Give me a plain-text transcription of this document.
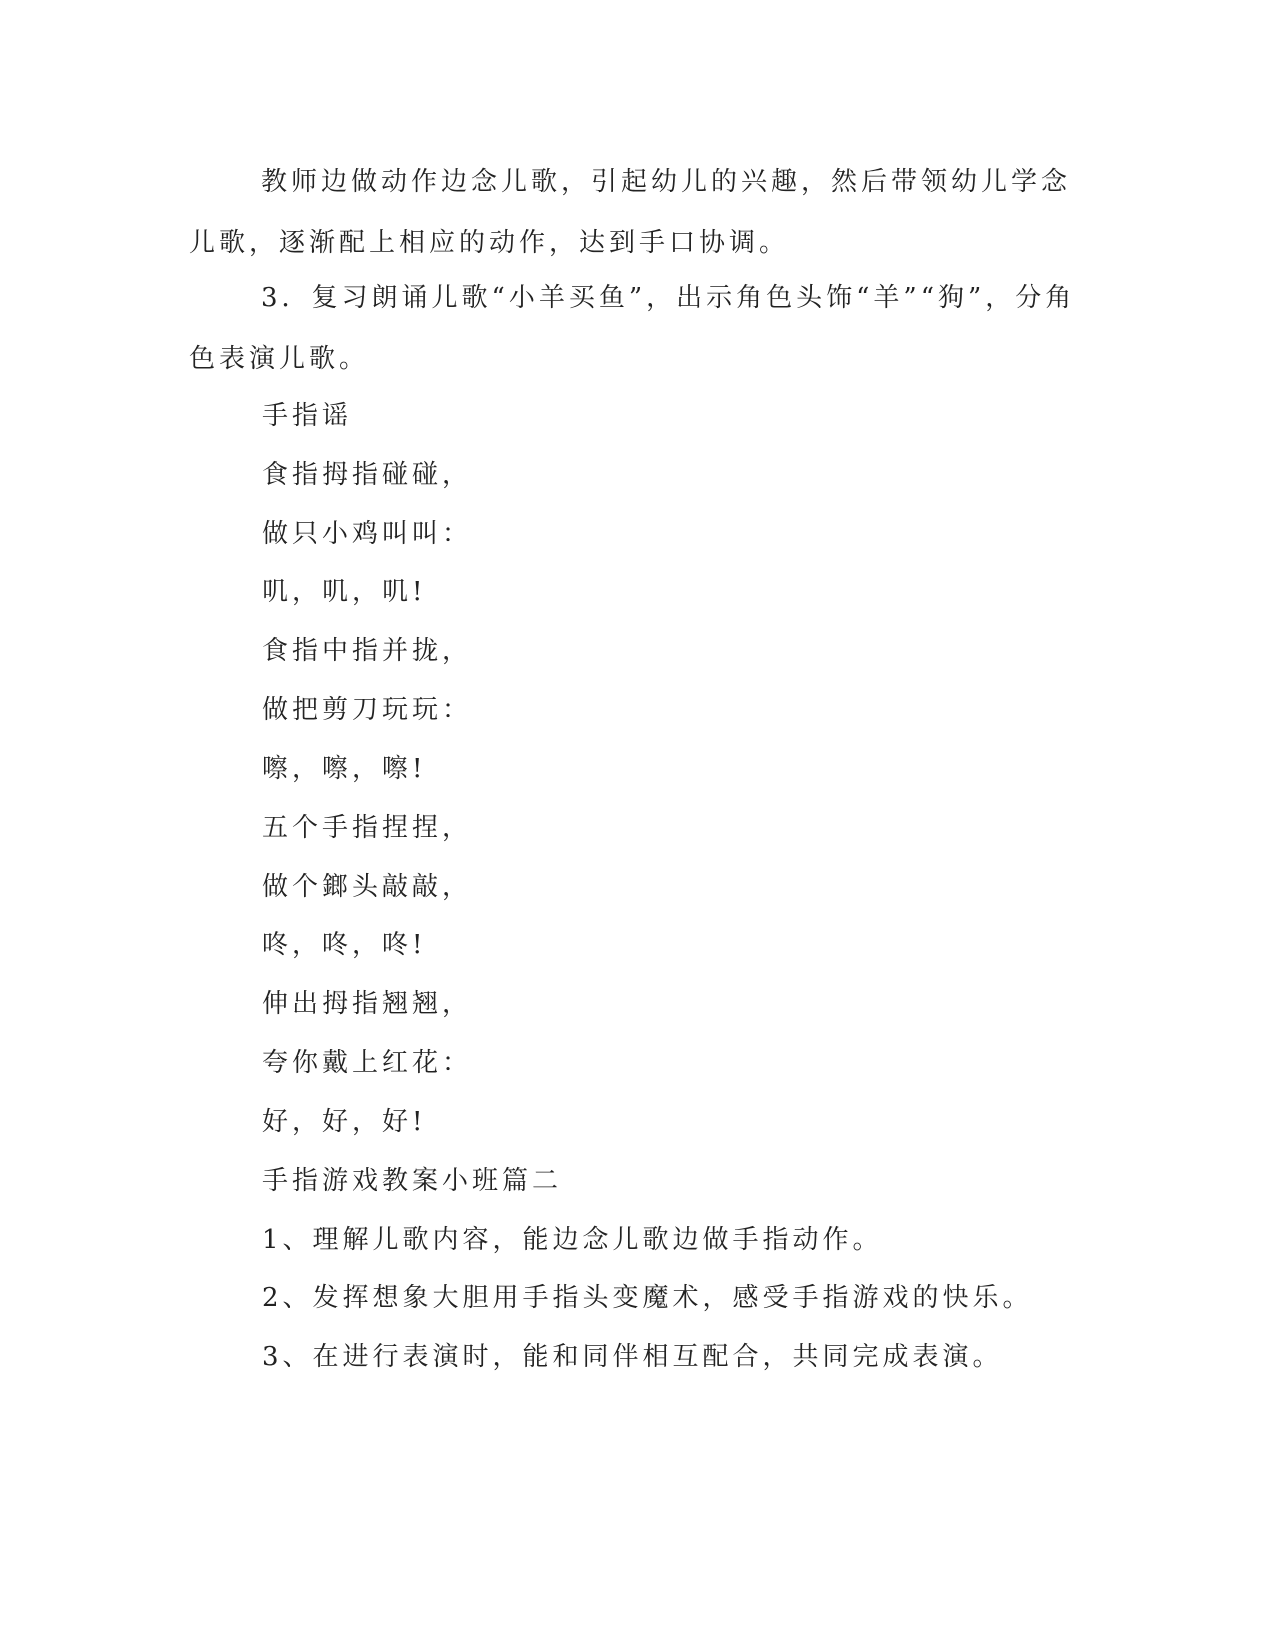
教师边做动作边念儿歌，引起幼儿的兴趣，然后带领幼儿学念儿歌，逐渐配上相应的动作，达到手口协调。

3．复习朗诵儿歌“小羊买鱼”，出示角色头饰“羊”“狗”，分角色表演儿歌。

手指谣

食指拇指碰碰，

做只小鸡叫叫：

叽，叽，叽!

食指中指并拢，

做把剪刀玩玩：

嚓，嚓，嚓!

五个手指捏捏，

做个鎯头敲敲，

咚，咚，咚!

伸出拇指翘翘，

夸你戴上红花：

好，好，好!

手指游戏教案小班篇二

1、理解儿歌内容，能边念儿歌边做手指动作。

2、发挥想象大胆用手指头变魔术，感受手指游戏的快乐。

3、在进行表演时，能和同伴相互配合，共同完成表演。
